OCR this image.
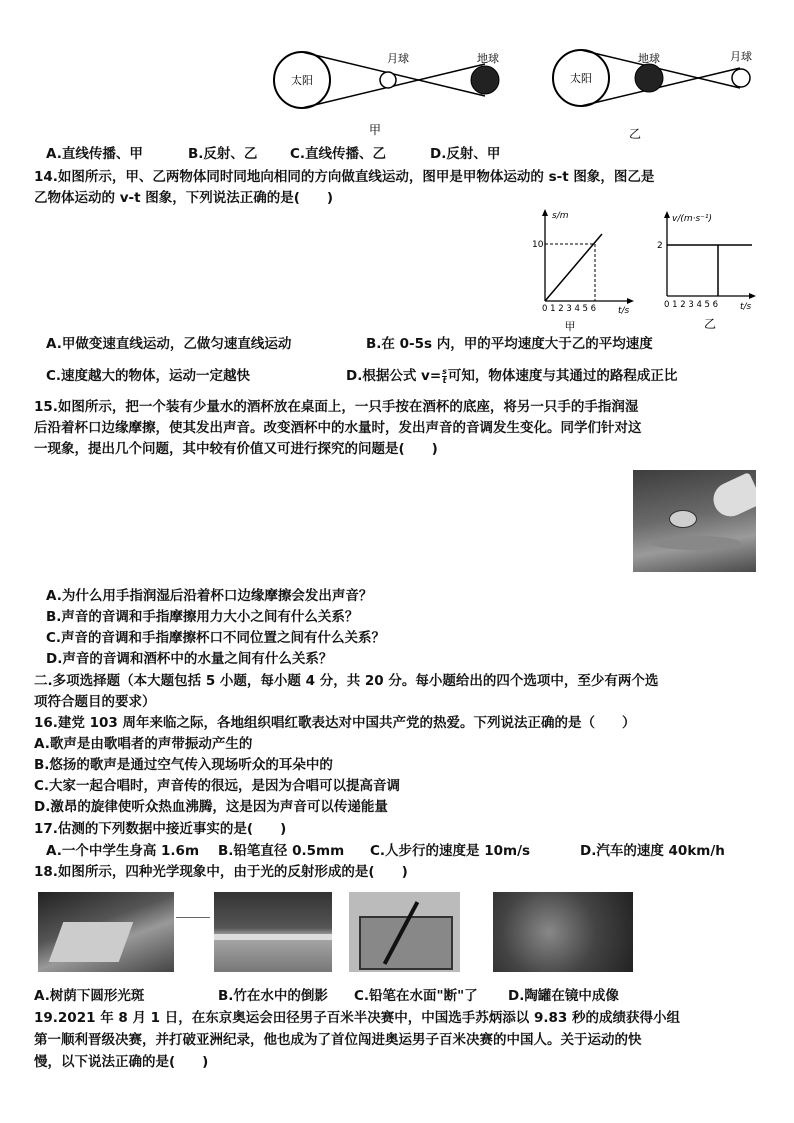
太阳
月球	地球
甲
太阳
地球	月球
乙
A.直线传播、甲	B.反射、乙 C.直线传播、乙	D.反射、甲
14.如图所示，甲、乙两物体同时同地向相同的方向做直线运动，图甲是甲物体运动的 s-t 图象，图乙是
乙物体运动的 v-t 图象，下列说法正确的是(　　)
s/m
10
0 1 2 3 4 5 6 t/s
甲
v/(m·s⁻¹)
2
0 1 2 3 4 5 6 t/s
乙
A.甲做变速直线运动，乙做匀速直线运动	B.在 0-5s 内，甲的平均速度大于乙的平均速度
C.速度越大的物体，运动一定越快	D.根据公式 $v= \frac{s}{t}$ 可知，物体速度与其通过的路程成正比
15.如图所示，把一个装有少量水的酒杯放在桌面上，一只手按在酒杯的底座，将另一只手的手指润湿
后沿着杯口边缘摩擦，使其发出声音。改变酒杯中的水量时，发出声音的音调发生变化。同学们针对这
一现象，提出几个问题，其中较有价值又可进行探究的问题是(　　)
A.为什么用手指润湿后沿着杯口边缘摩擦会发出声音？
B.声音的音调和手指摩擦用力大小之间有什么关系？
C.声音的音调和手指摩擦杯口不同位置之间有什么关系？
D.声音的音调和酒杯中的水量之间有什么关系？
二.多项选择题（本大题包括 5 小题，每小题 4 分，共 20 分。每小题给出的四个选项中，至少有两个选
项符合题目的要求）
16.建党 103 周年来临之际，各地组织唱红歌表达对中国共产党的热爱。下列说法正确的是（　　）
A.歌声是由歌唱者的声带振动产生的
B.悠扬的歌声是通过空气传入现场听众的耳朵中的
C.大家一起合唱时，声音传的很远，是因为合唱可以提高音调
D.激昂的旋律使听众热血沸腾，这是因为声音可以传递能量
17.估测的下列数据中接近事实的是(　　)
A.一个中学生身高 1.6m B.铅笔直径 0.5mm C.人步行的速度是 10m/s	D.汽车的速度 40km/h
18.如图所示，四种光学现象中，由于光的反射形成的是(　　)
A.树荫下圆形光斑	B.竹在水中的倒影 C.铅笔在水面"断"了 D.陶罐在镜中成像
19.2021 年 8 月 1 日，在东京奥运会田径男子百米半决赛中，中国选手苏炳添以 9.83 秒的成绩获得小组
第一顺利晋级决赛，并打破亚洲纪录，他也成为了首位闯进奥运男子百米决赛的中国人。关于运动的快
慢，以下说法正确的是(　　)
